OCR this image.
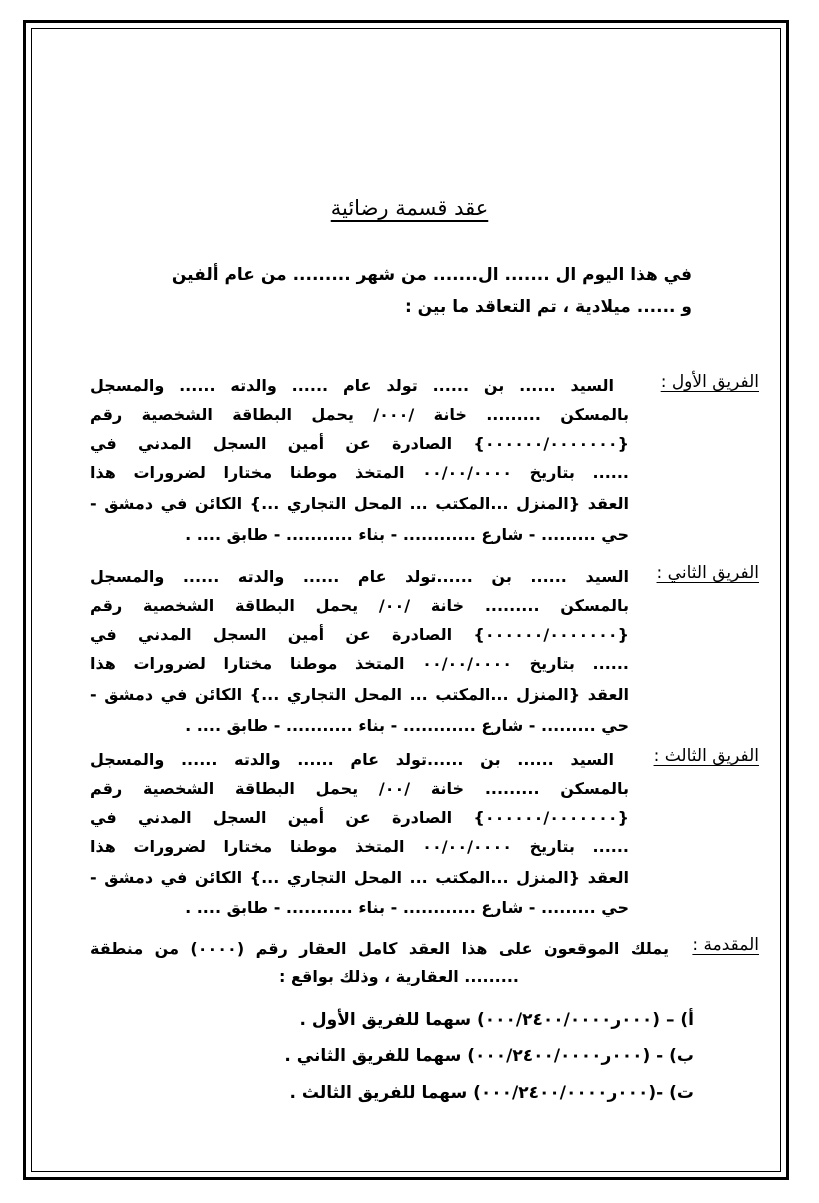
عقد قسمة رضائية
في هذا اليوم ال ....... ال....... من شهر ......... من عام ألفين
و ...... ميلادية ، تم التعاقد ما بين :
الفريق الأول :
السيد ...... بن ...... تولد عام ...... والدته ...... والمسجل
بالمسكن ......... خانة /٠٠٠/ يحمل البطاقة الشخصية رقم
{٠٠٠٠٠٠/٠٠٠٠٠٠٠} الصادرة عن أمين السجل المدني في
...... بتاريخ ٠٠/٠٠/٠٠٠٠ المتخذ موطنا مختارا لضرورات هذا
العقد {المنزل ...المكتب ... المحل التجاري ...} الكائن في دمشق -
حي ......... - شارع ............ - بناء ........... - طابق .... .
الفريق الثاني :
السيد ...... بن ......تولد عام ...... والدته ...... والمسجل
بالمسكن ......... خانة /٠٠/ يحمل البطاقة الشخصية رقم
{٠٠٠٠٠٠/٠٠٠٠٠٠٠} الصادرة عن أمين السجل المدني في
...... بتاريخ ٠٠/٠٠/٠٠٠٠ المتخذ موطنا مختارا لضرورات هذا
العقد {المنزل ...المكتب ... المحل التجاري ...} الكائن في دمشق -
حي ......... - شارع ............ - بناء ........... - طابق .... .
الفريق الثالث :
السيد ...... بن ......تولد عام ...... والدته ...... والمسجل
بالمسكن ......... خانة /٠٠/ يحمل البطاقة الشخصية رقم
{٠٠٠٠٠٠/٠٠٠٠٠٠٠} الصادرة عن أمين السجل المدني في
...... بتاريخ ٠٠/٠٠/٠٠٠٠ المتخذ موطنا مختارا لضرورات هذا
العقد {المنزل ...المكتب ... المحل التجاري ...} الكائن في دمشق -
حي ......... - شارع ............ - بناء ........... - طابق .... .
المقدمة :
يملك الموقعون على هذا العقد كامل العقار رقم (٠٠٠٠) من منطقة
......... العقارية ، وذلك بواقع :
أ) – (٠٠٠ر٠٠٠/٢٤٠٠/٠٠٠٠) سهما للفريق الأول .
ب) - (٠٠٠ر٠٠٠/٢٤٠٠/٠٠٠٠) سهما للفريق الثاني .
ت) -(٠٠٠ر٠٠٠/٢٤٠٠/٠٠٠٠) سهما للفريق الثالث .
